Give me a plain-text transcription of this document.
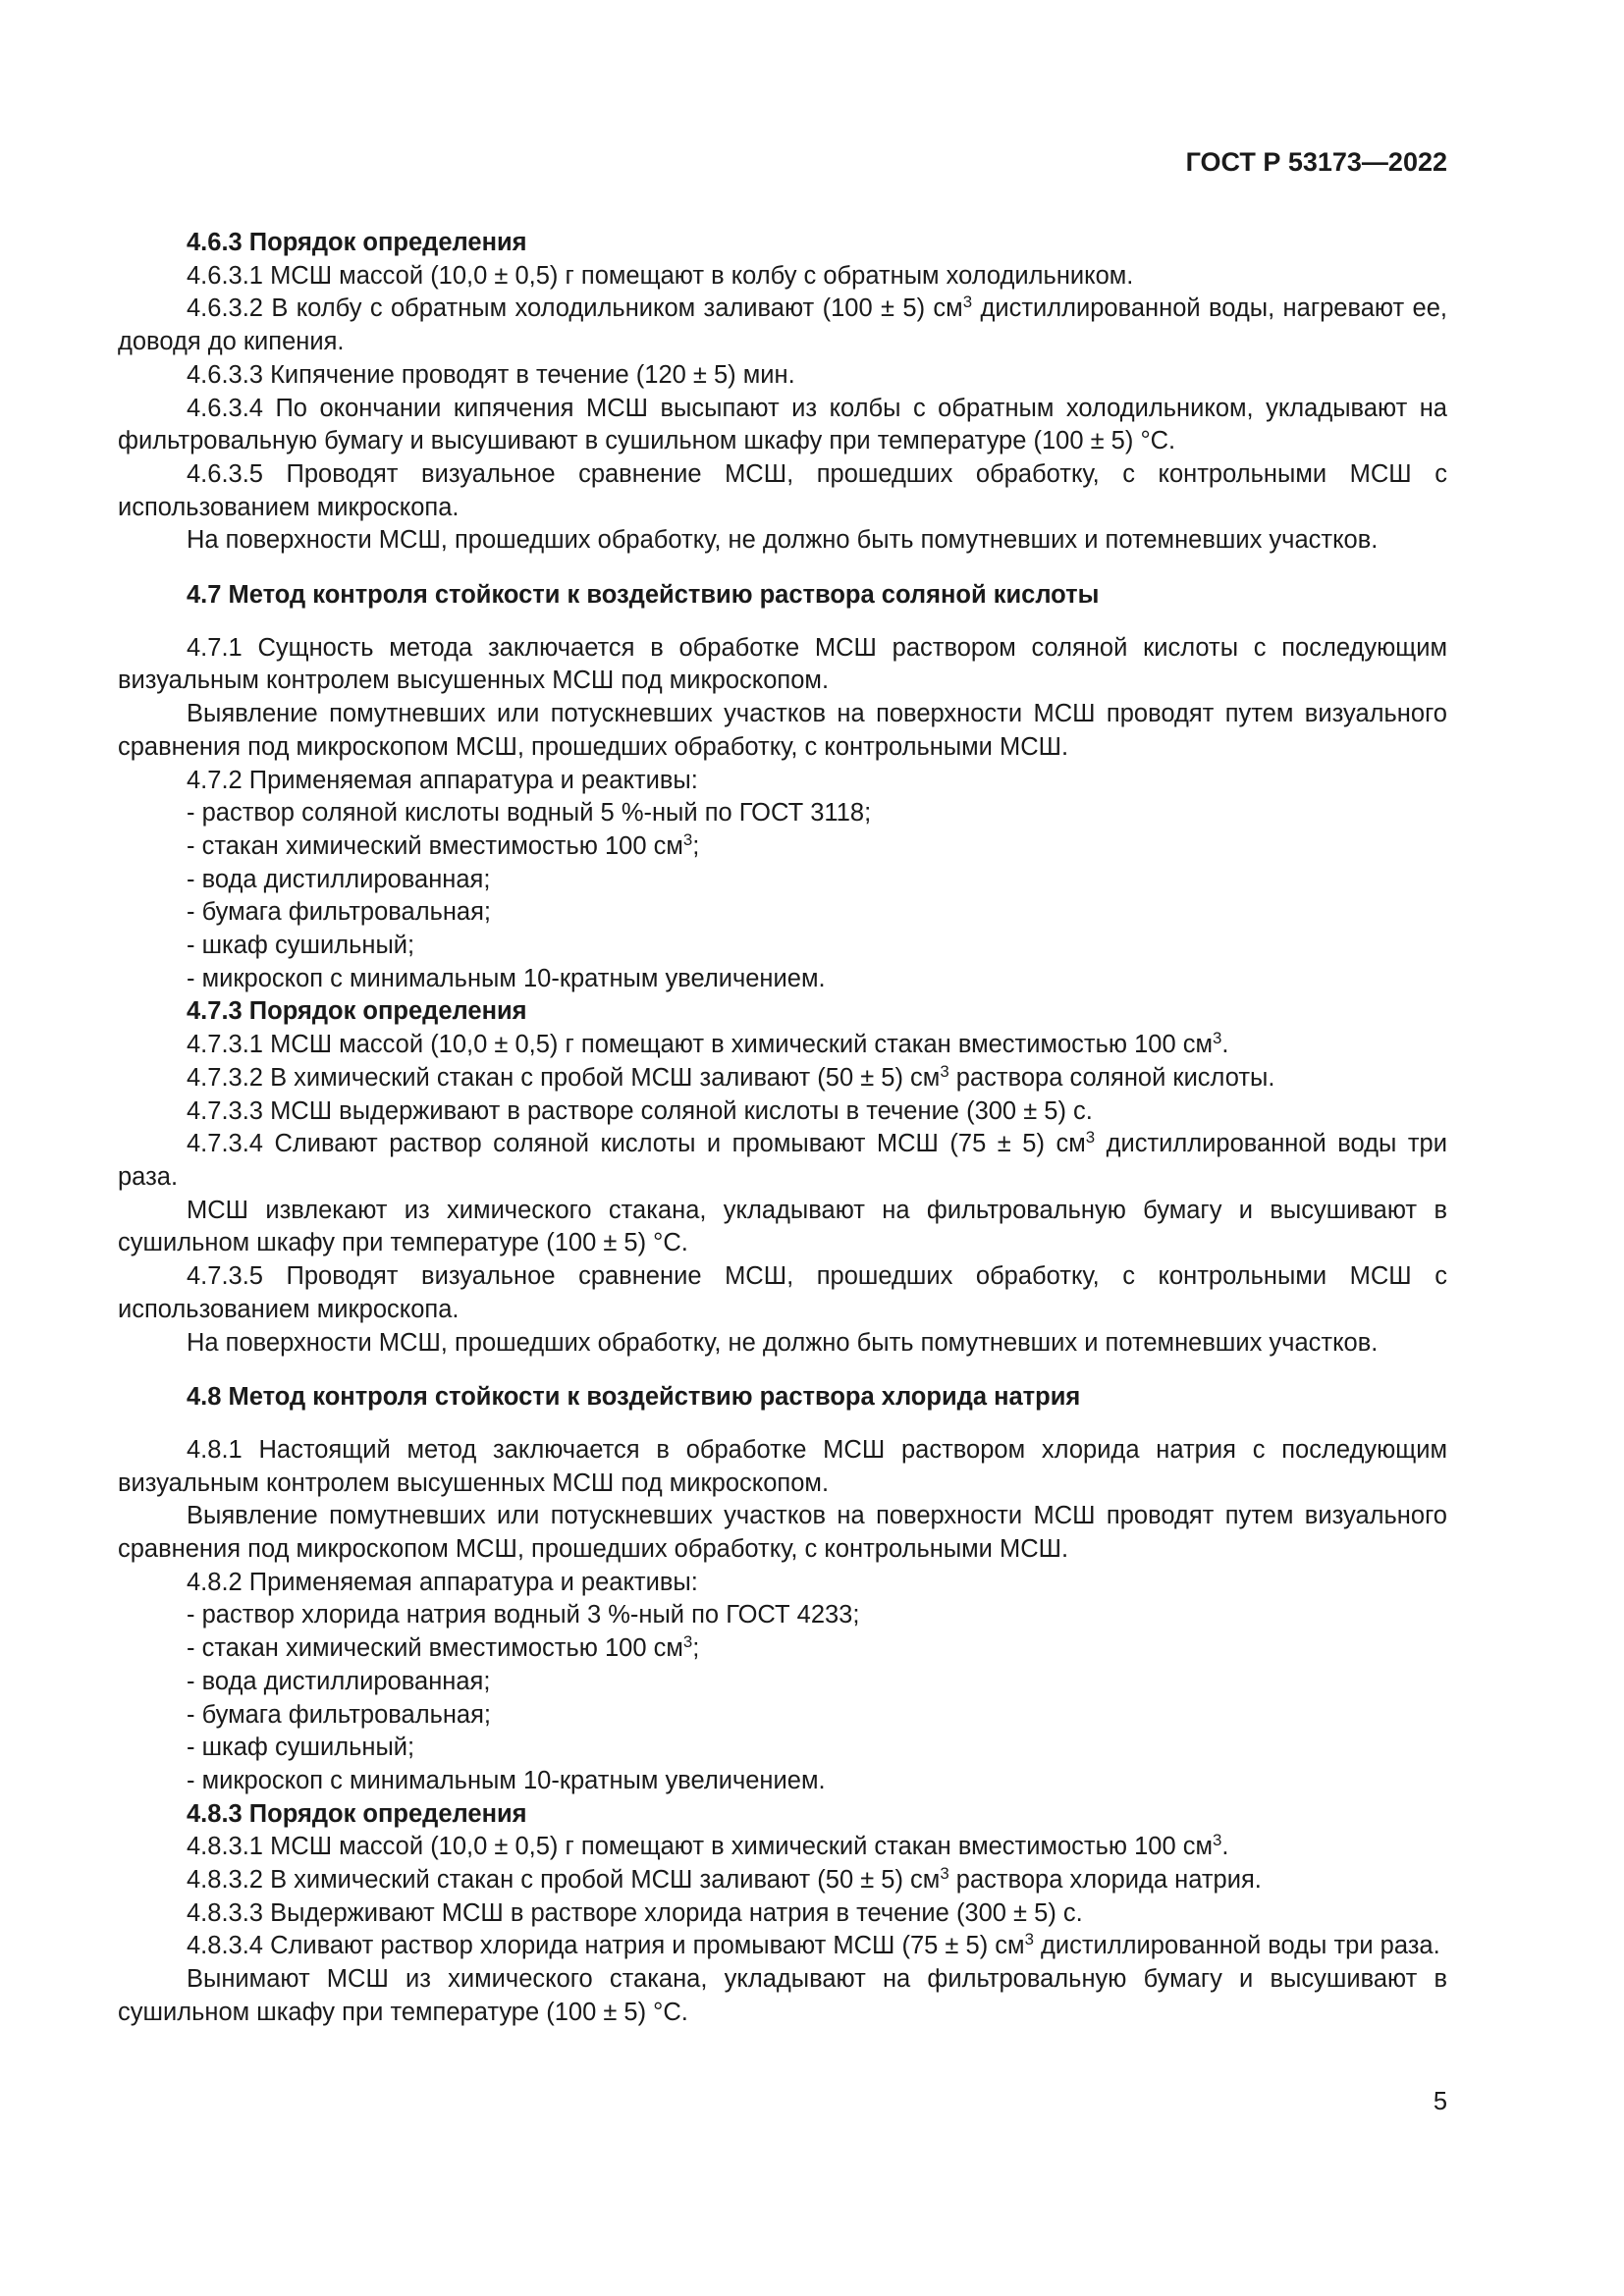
ГОСТ Р 53173—2022

4.6.3 Порядок определения

4.6.3.1 МСШ массой (10,0 ± 0,5) г помещают в колбу с обратным холодильником.

4.6.3.2 В колбу с обратным холодильником заливают (100 ± 5) $см^3$ дистиллированной воды, нагревают ее, доводя до кипения.

4.6.3.3 Кипячение проводят в течение (120 ± 5) мин.

4.6.3.4 По окончании кипячения МСШ высыпают из колбы с обратным холодильником, укладывают на фильтровальную бумагу и высушивают в сушильном шкафу при температуре (100 ± 5) °С.

4.6.3.5 Проводят визуальное сравнение МСШ, прошедших обработку, с контрольными МСШ с использованием микроскопа.

На поверхности МСШ, прошедших обработку, не должно быть помутневших и потемневших участков.

4.7 Метод контроля стойкости к воздействию раствора соляной кислоты

4.7.1 Сущность метода заключается в обработке МСШ раствором соляной кислоты с последующим визуальным контролем высушенных МСШ под микроскопом.

Выявление помутневших или потускневших участков на поверхности МСШ проводят путем визуального сравнения под микроскопом МСШ, прошедших обработку, с контрольными МСШ.

4.7.2 Применяемая аппаратура и реактивы:

- раствор соляной кислоты водный 5 %-ный по ГОСТ 3118;

- стакан химический вместимостью 100 $см^3$;

- вода дистиллированная;

- бумага фильтровальная;

- шкаф сушильный;

- микроскоп с минимальным 10-кратным увеличением.

4.7.3 Порядок определения

4.7.3.1 МСШ массой (10,0 ± 0,5) г помещают в химический стакан вместимостью 100 $см^3$.

4.7.3.2 В химический стакан с пробой МСШ заливают (50 ± 5) $см^3$ раствора соляной кислоты.

4.7.3.3 МСШ выдерживают в растворе соляной кислоты в течение (300 ± 5) с.

4.7.3.4 Сливают раствор соляной кислоты и промывают МСШ (75 ± 5) $см^3$ дистиллированной воды три раза.

МСШ извлекают из химического стакана, укладывают на фильтровальную бумагу и высушивают в сушильном шкафу при температуре (100 ± 5) °С.

4.7.3.5 Проводят визуальное сравнение МСШ, прошедших обработку, с контрольными МСШ с использованием микроскопа.

На поверхности МСШ, прошедших обработку, не должно быть помутневших и потемневших участков.

4.8 Метод контроля стойкости к воздействию раствора хлорида натрия

4.8.1 Настоящий метод заключается в обработке МСШ раствором хлорида натрия с последующим визуальным контролем высушенных МСШ под микроскопом.

Выявление помутневших или потускневших участков на поверхности МСШ проводят путем визуального сравнения под микроскопом МСШ, прошедших обработку, с контрольными МСШ.

4.8.2 Применяемая аппаратура и реактивы:

- раствор хлорида натрия водный 3 %-ный по ГОСТ 4233;

- стакан химический вместимостью 100 $см^3$;

- вода дистиллированная;

- бумага фильтровальная;

- шкаф сушильный;

- микроскоп с минимальным 10-кратным увеличением.

4.8.3 Порядок определения

4.8.3.1 МСШ массой (10,0 ± 0,5) г помещают в химический стакан вместимостью 100 $см^3$.

4.8.3.2 В химический стакан с пробой МСШ заливают (50 ± 5) $см^3$ раствора хлорида натрия.

4.8.3.3 Выдерживают МСШ в растворе хлорида натрия в течение (300 ± 5) с.

4.8.3.4 Сливают раствор хлорида натрия и промывают МСШ (75 ± 5) $см^3$ дистиллированной воды три раза.

Вынимают МСШ из химического стакана, укладывают на фильтровальную бумагу и высушивают в сушильном шкафу при температуре (100 ± 5) °С.

5
